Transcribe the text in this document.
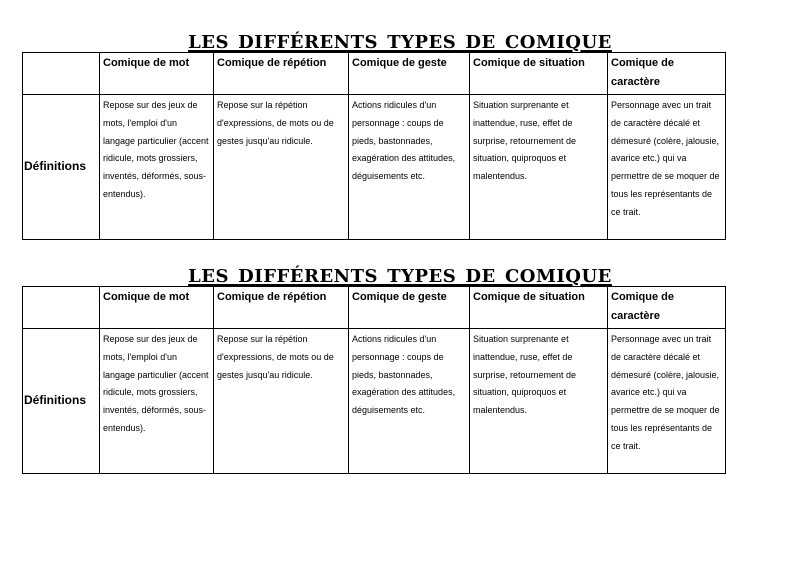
les différents types de comique
	Comique de mot	Comique de répétion	Comique de geste	Comique de situation	Comique de caractère
Définitions	Repose sur des jeux de mots, l'emploi d'un langage particulier (accent ridicule, mots grossiers, inventés, déformés, sous-entendus).	Repose sur la répétion d'expressions, de mots ou de gestes jusqu'au ridicule.	Actions ridicules d'un personnage : coups de pieds, bastonnades, exagération des attitudes, déguisements etc.	Situation surprenante et inattendue, ruse, effet de surprise, retournement de situation, quiproquos et malentendus.	Personnage avec un trait de caractère décalé et démesuré (colère, jalousie, avarice etc.) qui va permettre de se moquer de tous les représentants de ce trait.
les différents types de comique
	Comique de mot	Comique de répétion	Comique de geste	Comique de situation	Comique de caractère
Définitions	Repose sur des jeux de mots, l'emploi d'un langage particulier (accent ridicule, mots grossiers, inventés, déformés, sous-entendus).	Repose sur la répétion d'expressions, de mots ou de gestes jusqu'au ridicule.	Actions ridicules d'un personnage : coups de pieds, bastonnades, exagération des attitudes, déguisements etc.	Situation surprenante et inattendue, ruse, effet de surprise, retournement de situation, quiproquos et malentendus.	Personnage avec un trait de caractère décalé et démesuré (colère, jalousie, avarice etc.) qui va permettre de se moquer de tous les représentants de ce trait.
